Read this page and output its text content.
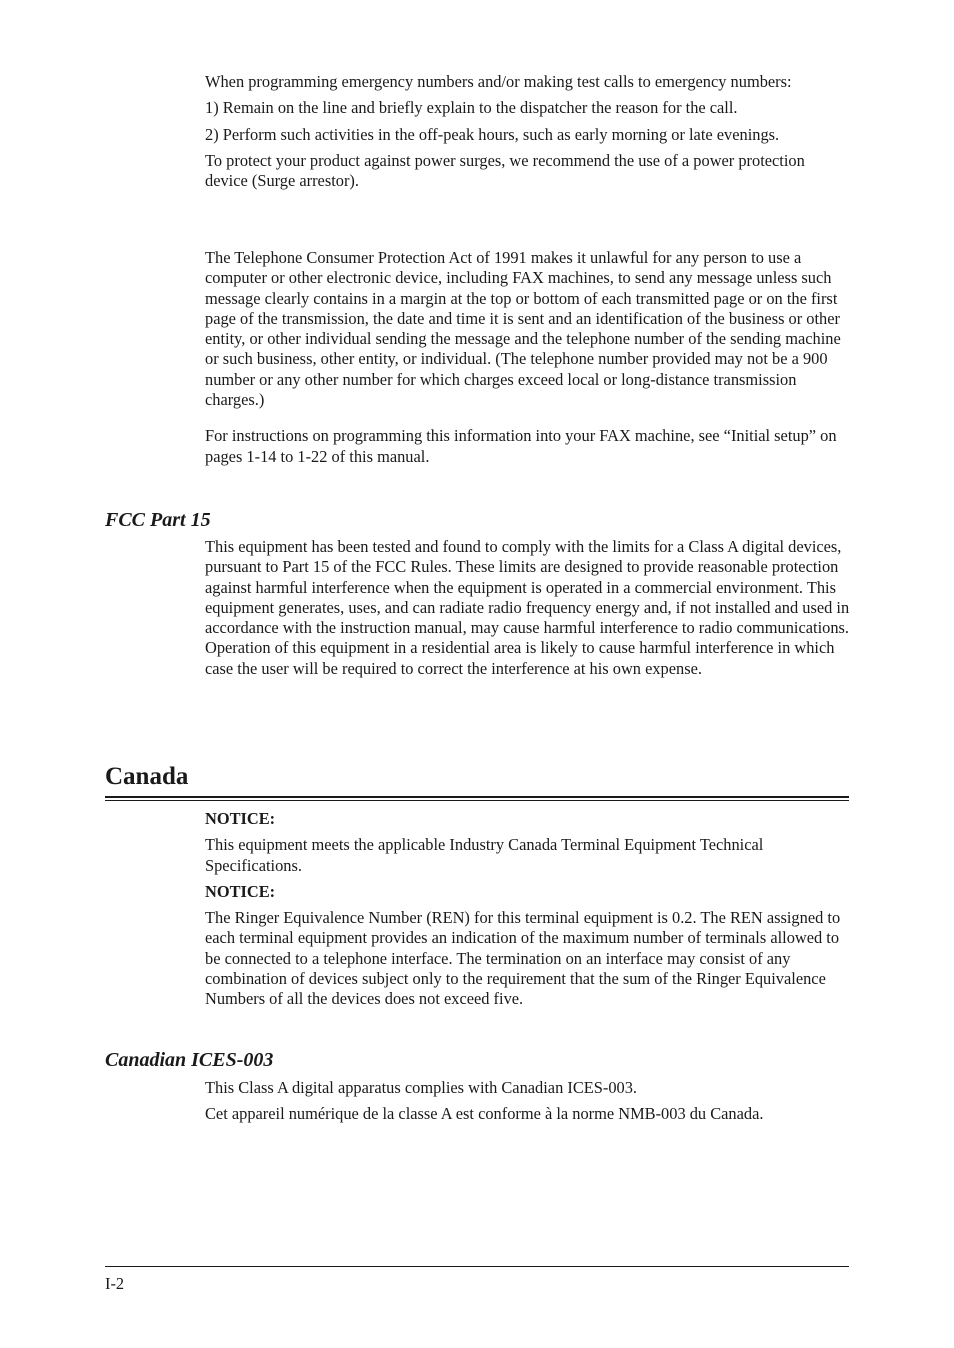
When programming emergency numbers and/or making test calls to emergency numbers:

1) Remain on the line and briefly explain to the dispatcher the reason for the call.

2) Perform such activities in the off-peak hours, such as early morning or late evenings.

To protect your product against power surges, we recommend the use of a power protection device (Surge arrestor).

The Telephone Consumer Protection Act of 1991 makes it unlawful for any person to use a computer or other electronic device, including FAX machines, to send any message unless such message clearly contains in a margin at the top or bottom of each transmitted page or on the first page of the transmission, the date and time it is sent and an identification of the business or other entity, or other individual sending the message and the telephone number of the sending machine or such business, other entity, or individual. (The telephone number provided may not be a 900 number or any other number for which charges exceed local or long-distance transmission charges.)

For instructions on programming this information into your FAX machine, see “Initial setup” on pages 1-14 to 1-22 of this manual.

FCC Part 15

This equipment has been tested and found to comply with the limits for a Class A digital devices, pursuant to Part 15 of the FCC Rules. These limits are designed to provide reasonable protection against harmful interference when the equipment is operated in a commercial environment. This equipment generates, uses, and can radiate radio frequency energy and, if not installed and used in accordance with the instruction manual, may cause harmful interference to radio communications. Operation of this equipment in a residential area is likely to cause harmful interference in which case the user will be required to correct the interference at his own expense.

Canada

NOTICE:

This equipment meets the applicable Industry Canada Terminal Equipment Technical Specifications.

NOTICE:

The Ringer Equivalence Number (REN) for this terminal equipment is 0.2. The REN assigned to each terminal equipment provides an indication of the maximum number of terminals allowed to be connected to a telephone interface. The termination on an interface may consist of any combination of devices subject only to the requirement that the sum of the Ringer Equivalence Numbers of all the devices does not exceed five.

Canadian ICES-003

This Class A digital apparatus complies with Canadian ICES-003.

Cet appareil numérique de la classe A est conforme à la norme NMB-003 du Canada.

I-2
